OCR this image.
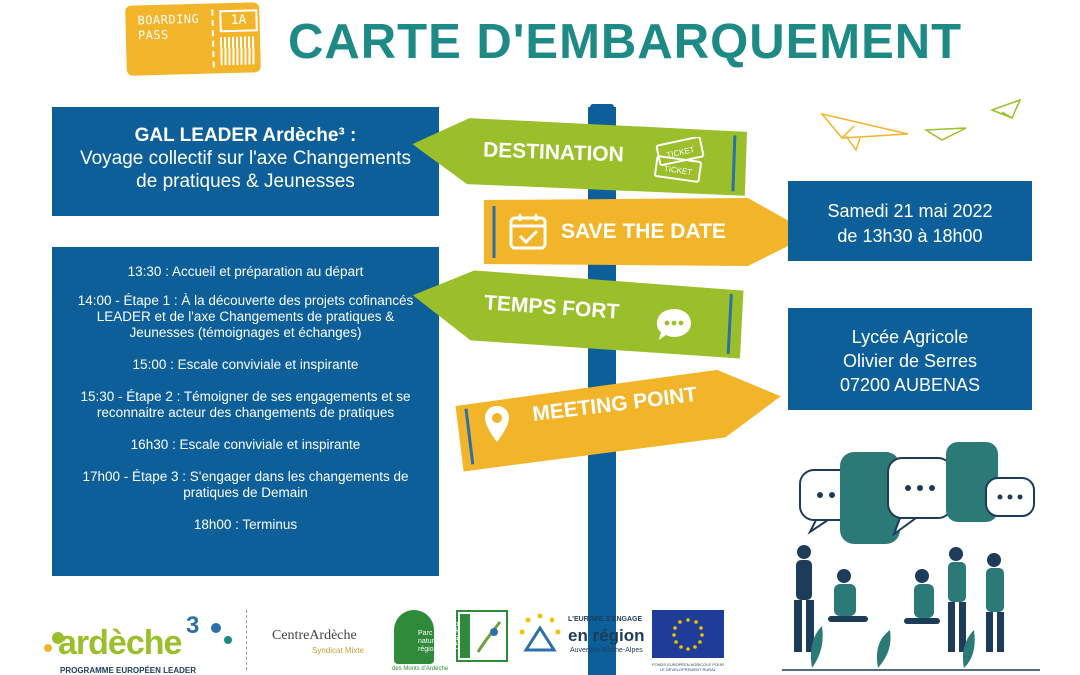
BOARDING
PASS
1A CARTE D'EMBARQUEMENT
GAL LEADER Ardèche³ :
Voyage collectif sur l'axe Changements
de pratiques & Jeunesses
13:30 : Accueil et préparation au départ
14:00 - Étape 1 : À la découverte des projets cofinancés LEADER et de l'axe Changements de pratiques & Jeunesses (témoignages et échanges)
15:00 : Escale conviviale et inspirante
15:30 - Étape 2 : Témoigner de ses engagements et se reconnaitre acteur des changements de pratiques
16h30 : Escale conviviale et inspirante
17h00 - Étape 3 : S'engager dans les changements de pratiques de Demain
18h00 : Terminus
DESTINATION	TICKET
TICKET
SAVE THE DATE
TEMPS FORT
MEETING POINT
Samedi 21 mai 2022
de 13h30 à 18h00
Lycée Agricole
Olivier de Serres
07200 AUBENAS
ardèche 3
PROGRAMME EUROPÉEN LEADER
CentreArdèche
Syndicat Mixte
Parc
naturel
régional
des Monts d'Ardèche
LEADER
L'EUROPE S'ENGAGE
en région
Auvergne-Rhône-Alpes
FONDS EUROPÉEN AGRICOLE POUR LE DÉVELOPPEMENT RURAL
